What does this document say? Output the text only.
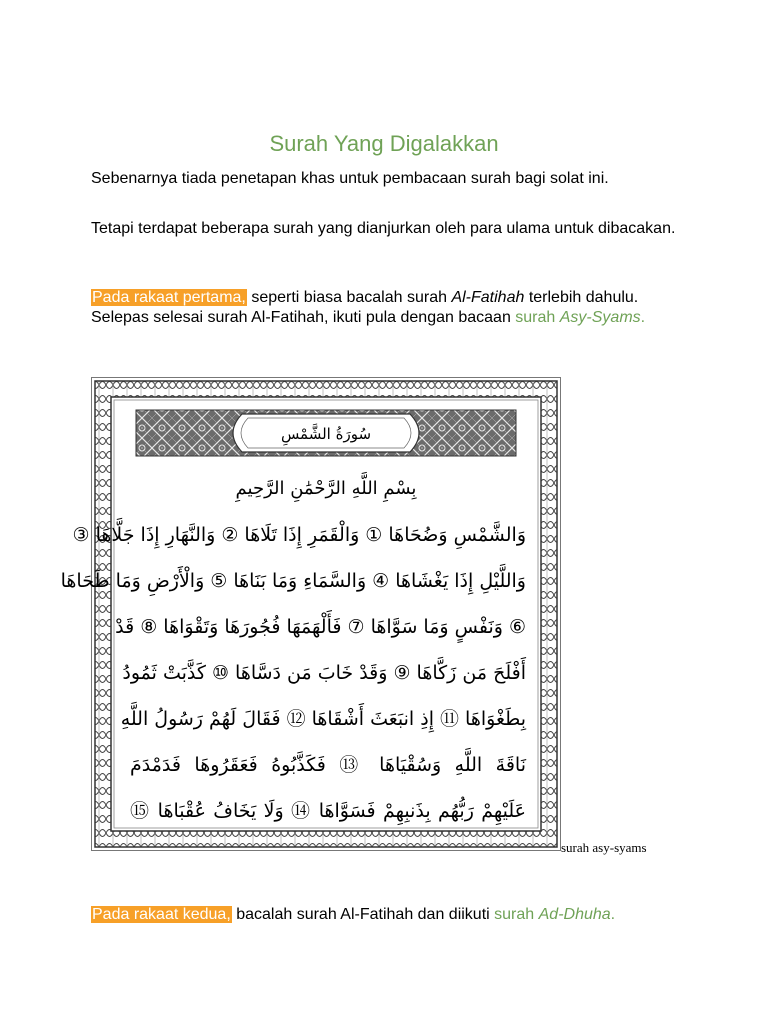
Surah Yang Digalakkan

Sebenarnya tiada penetapan khas untuk pembacaan surah bagi solat ini.

Tetapi terdapat beberapa surah yang dianjurkan oleh para ulama untuk dibacakan.

Pada rakaat pertama, seperti biasa bacalah surah Al-Fatihah terlebih dahulu. Selepas selesai surah Al-Fatihah, ikuti pula dengan bacaan surah Asy-Syams.

سُورَةُ الشَّمْسِ
بِسْمِ اللَّهِ الرَّحْمَٰنِ الرَّحِيمِ
وَالشَّمْسِ وَضُحَاهَا ① وَالْقَمَرِ إِذَا تَلَاهَا ② وَالنَّهَارِ إِذَا جَلَّاهَا ③
وَاللَّيْلِ إِذَا يَغْشَاهَا ④ وَالسَّمَاءِ وَمَا بَنَاهَا ⑤ وَالْأَرْضِ وَمَا طَحَاهَا
⑥ وَنَفْسٍ وَمَا سَوَّاهَا ⑦ فَأَلْهَمَهَا فُجُورَهَا وَتَقْوَاهَا ⑧ قَدْ
أَفْلَحَ مَن زَكَّاهَا ⑨ وَقَدْ خَابَ مَن دَسَّاهَا ⑩ كَذَّبَتْ ثَمُودُ
بِطَغْوَاهَا ⑪ إِذِ انبَعَثَ أَشْقَاهَا ⑫ فَقَالَ لَهُمْ رَسُولُ اللَّهِ
نَاقَةَ اللَّهِ وَسُقْيَاهَا ⑬ فَكَذَّبُوهُ فَعَقَرُوهَا فَدَمْدَمَ
عَلَيْهِمْ رَبُّهُم بِذَنبِهِمْ فَسَوَّاهَا ⑭ وَلَا يَخَافُ عُقْبَاهَا ⑮
surah asy-syams

Pada rakaat kedua, bacalah surah Al-Fatihah dan diikuti surah Ad-Dhuha.
